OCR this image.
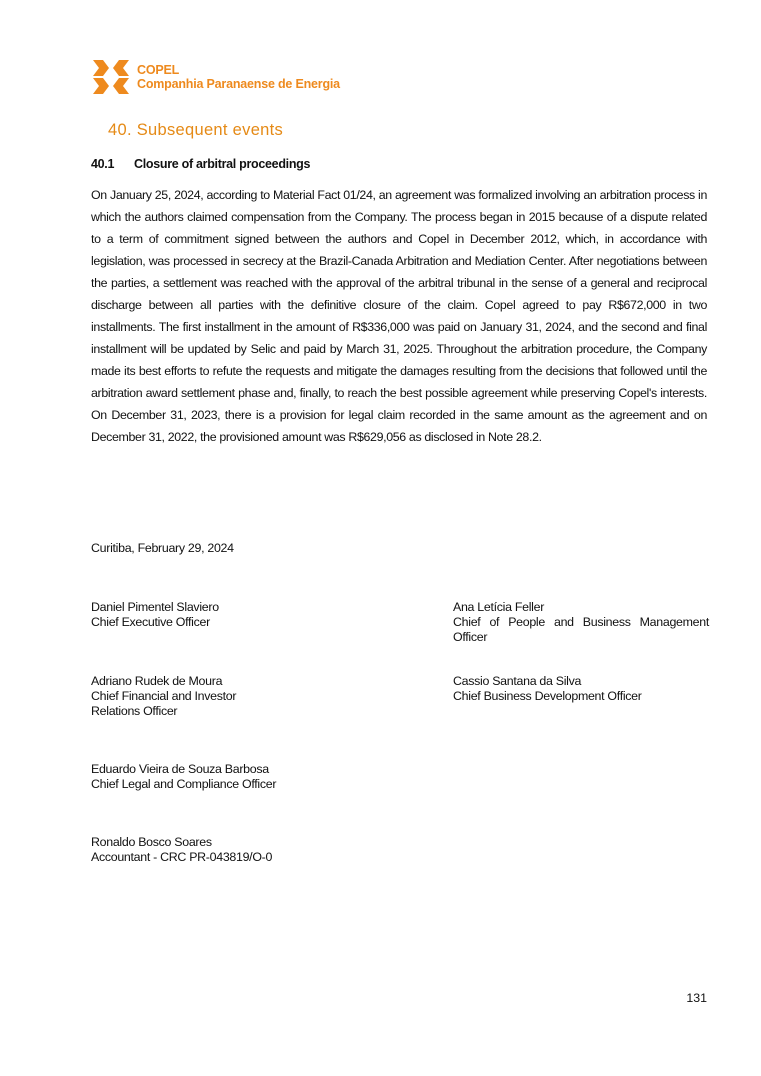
COPEL
Companhia Paranaense de Energia
40. Subsequent events
40.1 Closure of arbitral proceedings
On January 25, 2024, according to Material Fact 01/24, an agreement was formalized involving an arbitration process in which the authors claimed compensation from the Company. The process began in 2015 because of a dispute related to a term of commitment signed between the authors and Copel in December 2012, which, in accordance with legislation, was processed in secrecy at the Brazil-Canada Arbitration and Mediation Center. After negotiations between the parties, a settlement was reached with the approval of the arbitral tribunal in the sense of a general and reciprocal discharge between all parties with the definitive closure of the claim. Copel agreed to pay R$672,000 in two installments. The first installment in the amount of R$336,000 was paid on January 31, 2024, and the second and final installment will be updated by Selic and paid by March 31, 2025. Throughout the arbitration procedure, the Company made its best efforts to refute the requests and mitigate the damages resulting from the decisions that followed until the arbitration award settlement phase and, finally, to reach the best possible agreement while preserving Copel's interests. On December 31, 2023, there is a provision for legal claim recorded in the same amount as the agreement and on December 31, 2022, the provisioned amount was R$629,056 as disclosed in Note 28.2.
Curitiba, February 29, 2024
Daniel Pimentel Slaviero
Chief Executive Officer
Ana Letícia Feller
Chief of People and Business Management Officer
Adriano Rudek de Moura
Chief Financial and Investor Relations Officer
Cassio Santana da Silva
Chief Business Development Officer
Eduardo Vieira de Souza Barbosa
Chief Legal and Compliance Officer
Ronaldo Bosco Soares
Accountant - CRC PR-043819/O-0
131
